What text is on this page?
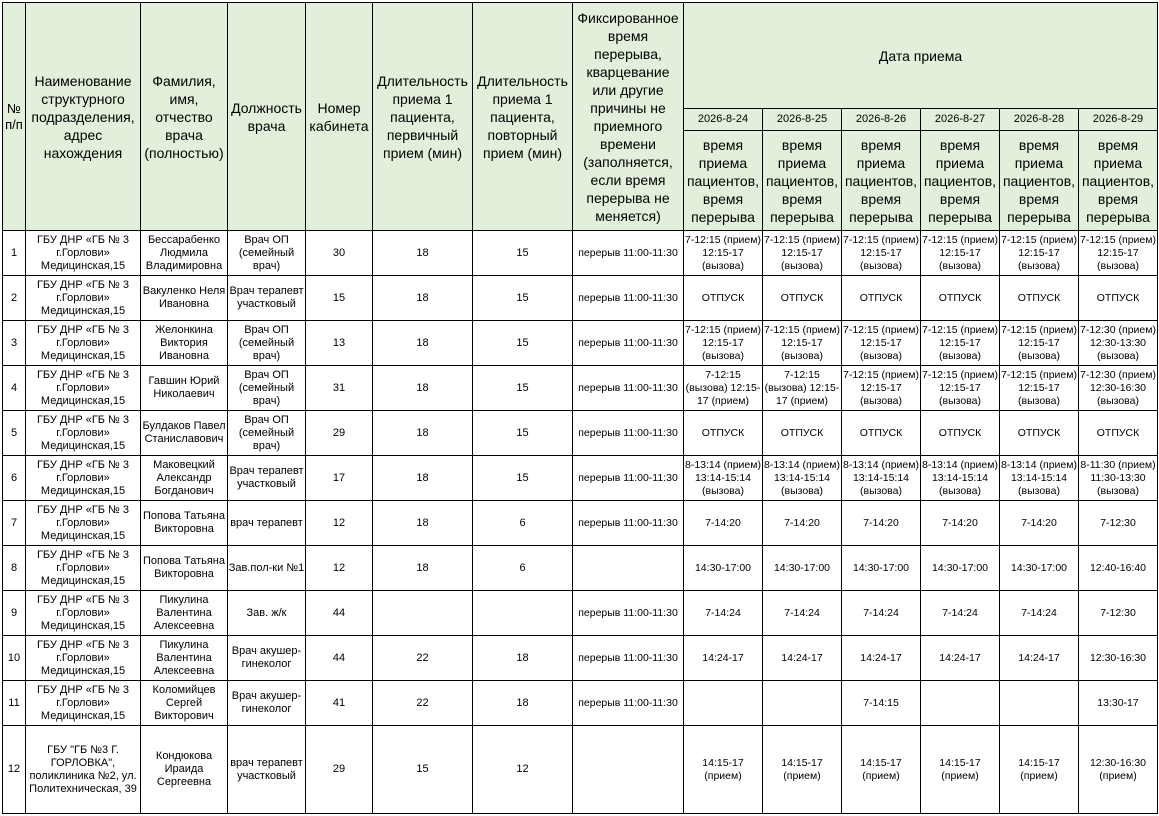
№ п/п	Наименование структурного подразделения, адрес нахождения	Фамилия, имя, отчество врача (полностью)	Должность врача	Номер кабинета	Длительность приема 1 пациента, первичный прием (мин)	Длительность приема 1 пациента, повторный прием (мин)	Фиксированное время перерыва, кварцевание или другие причины не приемного времени (заполняется, если время перерыва не меняется)	Дата приема					
								2026-8-24	2026-8-25	2026-8-26	2026-8-27	2026-8-28	2026-8-29
								время приема пациентов, время перерыва	время приема пациентов, время перерыва	время приема пациентов, время перерыва	время приема пациентов, время перерыва	время приема пациентов, время перерыва	время приема пациентов, время перерыва
1	ГБУ ДНР «ГБ № 3 г.Горлови» Медицинская,15	Бессарабенко Людмила Владимировна	Врач ОП (семейный врач)	30	18	15	перерыв 11:00-11:30	7-12:15 (прием) 12:15-17 (вызова)	7-12:15 (прием) 12:15-17 (вызова)	7-12:15 (прием) 12:15-17 (вызова)	7-12:15 (прием) 12:15-17 (вызова)	7-12:15 (прием) 12:15-17 (вызова)	7-12:15 (прием) 12:15-17 (вызова)
2	ГБУ ДНР «ГБ № 3 г.Горлови» Медицинская,15	Вакуленко Неля Ивановна	Врач терапевт участковый	15	18	15	перерыв 11:00-11:30	ОТПУСК	ОТПУСК	ОТПУСК	ОТПУСК	ОТПУСК	ОТПУСК
3	ГБУ ДНР «ГБ № 3 г.Горлови» Медицинская,15	Желонкина Виктория Ивановна	Врач ОП (семейный врач)	13	18	15	перерыв 11:00-11:30	7-12:15 (прием) 12:15-17 (вызова)	7-12:15 (прием) 12:15-17 (вызова)	7-12:15 (прием) 12:15-17 (вызова)	7-12:15 (прием) 12:15-17 (вызова)	7-12:15 (прием) 12:15-17 (вызова)	7-12:30 (прием) 12:30-13:30 (вызова)
4	ГБУ ДНР «ГБ № 3 г.Горлови» Медицинская,15	Гавшин Юрий Николаевич	Врач ОП (семейный врач)	31	18	15	перерыв 11:00-11:30	7-12:15 (вызова) 12:15-17 (прием)	7-12:15 (вызова) 12:15-17 (прием)	7-12:15 (прием) 12:15-17 (вызова)	7-12:15 (прием) 12:15-17 (вызова)	7-12:15 (прием) 12:15-17 (вызова)	7-12:30 (прием) 12:30-16:30 (вызова)
5	ГБУ ДНР «ГБ № 3 г.Горлови» Медицинская,15	Булдаков Павел Станиславович	Врач ОП (семейный врач)	29	18	15	перерыв 11:00-11:30	ОТПУСК	ОТПУСК	ОТПУСК	ОТПУСК	ОТПУСК	ОТПУСК
6	ГБУ ДНР «ГБ № 3 г.Горлови» Медицинская,15	Маковецкий Александр Богданович	Врач терапевт участковый	17	18	15	перерыв 11:00-11:30	8-13:14 (прием) 13:14-15:14 (вызова)	8-13:14 (прием) 13:14-15:14 (вызова)	8-13:14 (прием) 13:14-15:14 (вызова)	8-13:14 (прием) 13:14-15:14 (вызова)	8-13:14 (прием) 13:14-15:14 (вызова)	8-11:30 (прием) 11:30-13:30 (вызова)
7	ГБУ ДНР «ГБ № 3 г.Горлови» Медицинская,15	Попова Татьяна Викторовна	врач терапевт	12	18	6	перерыв 11:00-11:30	7-14:20	7-14:20	7-14:20	7-14:20	7-14:20	7-12:30
8	ГБУ ДНР «ГБ № 3 г.Горлови» Медицинская,15	Попова Татьяна Викторовна	Зав.пол-ки №1	12	18	6		14:30-17:00	14:30-17:00	14:30-17:00	14:30-17:00	14:30-17:00	12:40-16:40
9	ГБУ ДНР «ГБ № 3 г.Горлови» Медицинская,15	Пикулина Валентина Алексеевна	Зав. ж/к	44			перерыв 11:00-11:30	7-14:24	7-14:24	7-14:24	7-14:24	7-14:24	7-12:30
10	ГБУ ДНР «ГБ № 3 г.Горлови» Медицинская,15	Пикулина Валентина Алексеевна	Врач акушер-гинеколог	44	22	18	перерыв 11:00-11:30	14:24-17	14:24-17	14:24-17	14:24-17	14:24-17	12:30-16:30
11	ГБУ ДНР «ГБ № 3 г.Горлови» Медицинская,15	Коломийцев Сергей Викторович	Врач акушер-гинеколог	41	22	18	перерыв 11:00-11:30			7-14:15			13:30-17
12	ГБУ "ГБ №3 Г. ГОРЛОВКА", поликлиника №2, ул. Политехническая, 39	Кондюкова Ираида Сергеевна	врач терапевт участковый	29	15	12		14:15-17 (прием)	14:15-17 (прием)	14:15-17 (прием)	14:15-17 (прием)	14:15-17 (прием)	12:30-16:30 (прием)
